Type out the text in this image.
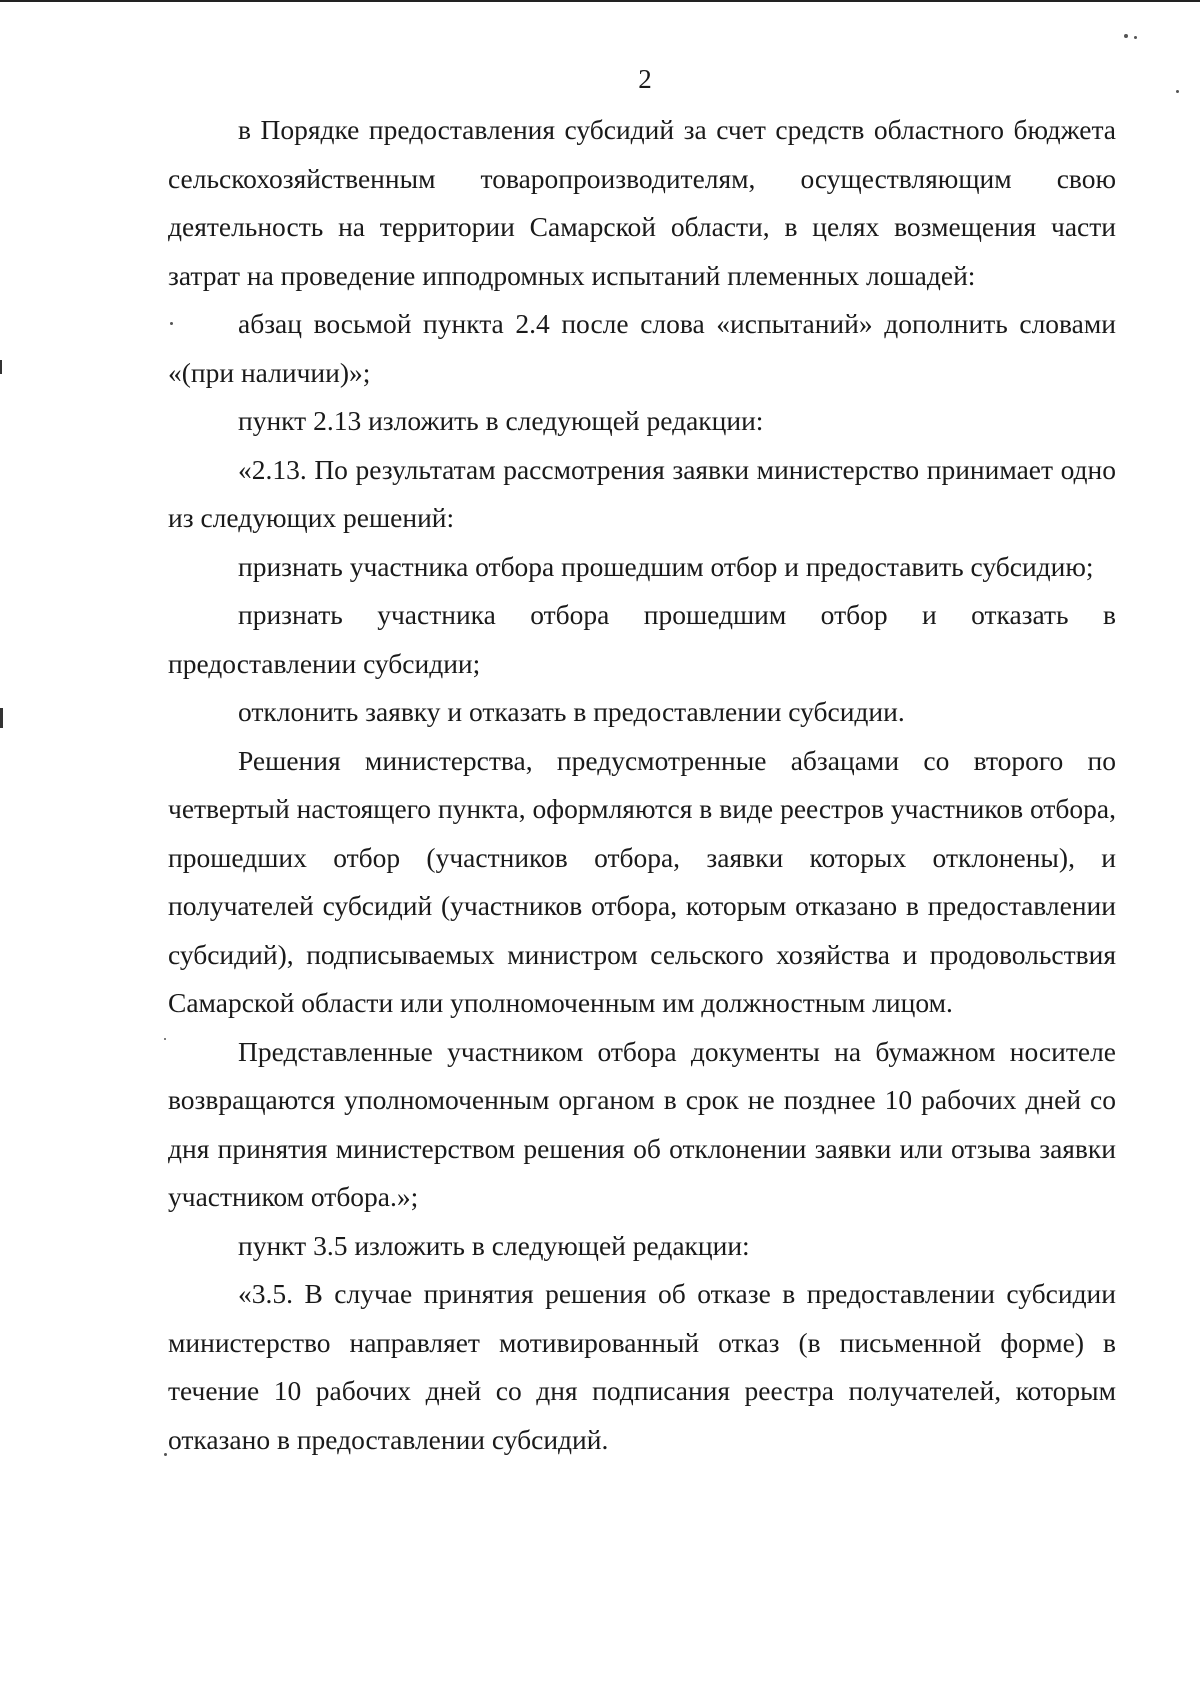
2

в Порядке предоставления субсидий за счет средств областного бюджета сельскохозяйственным товаропроизводителям, осуществляющим свою деятельность на территории Самарской области, в целях возмещения части затрат на проведение ипподромных испытаний племенных лошадей:

абзац восьмой пункта 2.4 после слова «испытаний» дополнить словами «(при наличии)»;

пункт 2.13 изложить в следующей редакции:

«2.13. По результатам рассмотрения заявки министерство принимает одно из следующих решений:

признать участника отбора прошедшим отбор и предоставить субсидию;

признать участника отбора прошедшим отбор и отказать в предоставлении субсидии;

отклонить заявку и отказать в предоставлении субсидии.

Решения министерства, предусмотренные абзацами со второго по четвертый настоящего пункта, оформляются в виде реестров участников отбора, прошедших отбор (участников отбора, заявки которых отклонены), и получателей субсидий (участников отбора, которым отказано в предоставлении субсидий), подписываемых министром сельского хозяйства и продовольствия Самарской области или уполномоченным им должностным лицом.

Представленные участником отбора документы на бумажном носителе возвращаются уполномоченным органом в срок не позднее 10 рабочих дней со дня принятия министерством решения об отклонении заявки или отзыва заявки участником отбора.»;

пункт 3.5 изложить в следующей редакции:

«3.5. В случае принятия решения об отказе в предоставлении субсидии министерство направляет мотивированный отказ (в письменной форме) в течение 10 рабочих дней со дня подписания реестра получателей, которым отказано в предоставлении субсидий.
